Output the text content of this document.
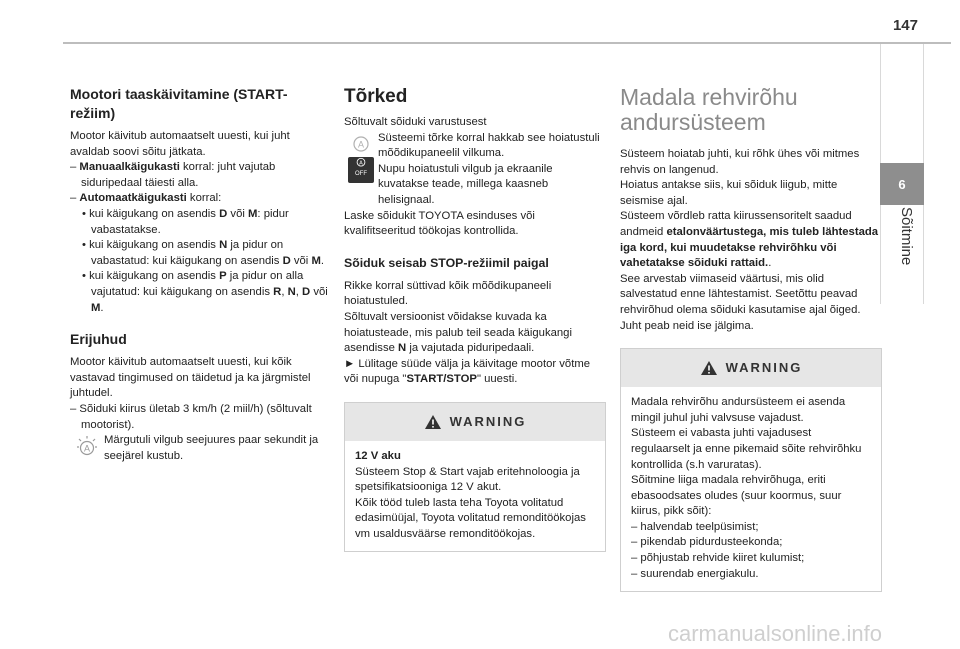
147
6
Sõitmine
Mootori taaskäivitamine (START-režiim)

Mootor käivitub automaatselt uuesti, kui juht avaldab soovi sõitu jätkata.

– Manuaalkäigukasti korral: juht vajutab siduripedaal täiesti alla.

– Automaatkäigukasti korral:

• kui käigukang on asendis D või M: pidur vabastatakse.

• kui käigukang on asendis N ja pidur on vabastatud: kui käigukang on asendis D või M.

• kui käigukang on asendis P ja pidur on alla vajutatud: kui käigukang on asendis R, N, D või M.

Erijuhud

Mootor käivitub automaatselt uuesti, kui kõik vastavad tingimused on täidetud ja ka järgmistel juhtudel.

– Sõiduki kiirus ületab 3 km/h (2 miil/h) (sõltuvalt mootorist).

A
Märgutuli vilgub seejuures paar sekundit ja seejärel kustub.
Tõrked

Sõltuvalt sõiduki varustusest

A
A
OFF

Süsteemi tõrke korral hakkab see hoiatustuli mõõdikupaneelil vilkuma.

Nupu hoiatustuli vilgub ja ekraanile kuvatakse teade, millega kaasneb helisignaal.

Laske sõidukit TOYOTA esinduses või kvalifitseeritud töökojas kontrollida.

Sõiduk seisab STOP-režiimil paigal

Rikke korral süttivad kõik mõõdikupaneeli hoiatustuled.

Sõltuvalt versioonist võidakse kuvada ka hoiatusteade, mis palub teil seada käigukangi asendisse N ja vajutada piduripedaali.

► Lülitage süüde välja ja käivitage mootor võtme või nupuga "START/STOP" uuesti.

WARNING

12 V aku

Süsteem Stop & Start vajab eritehnoloogia ja spetsifikatsiooniga 12 V akut.

Kõik tööd tuleb lasta teha Toyota volitatud edasimüüjal, Toyota volitatud remonditöökojas vm usaldusväärse remonditöökojas.

Madala rehvirõhu andursüsteem

Süsteem hoiatab juhti, kui rõhk ühes või mitmes rehvis on langenud.

Hoiatus antakse siis, kui sõiduk liigub, mitte seismise ajal.

Süsteem võrdleb ratta kiirussensoritelt saadud andmeid etalonväärtustega, mis tuleb lähtestada iga kord, kui muudetakse rehvirõhku või vahetatakse sõiduki rattaid..

See arvestab viimaseid väärtusi, mis olid salvestatud enne lähtestamist. Seetõttu peavad rehvirõhud olema sõiduki kasutamise ajal õiged.

Juht peab neid ise jälgima.

WARNING

Madala rehvirõhu andursüsteem ei asenda mingil juhul juhi valvsuse vajadust.

Süsteem ei vabasta juhti vajadusest regulaarselt ja enne pikemaid sõite rehvirõhku kontrollida (s.h varuratas).

Sõitmine liiga madala rehvirõhuga, eriti ebasoodsates oludes (suur koormus, suur kiirus, pikk sõit):

– halvendab teelpüsimist;

– pikendab pidurdusteekonda;

– põhjustab rehvide kiiret kulumist;

– suurendab energiakulu.

carmanualsonline.info
